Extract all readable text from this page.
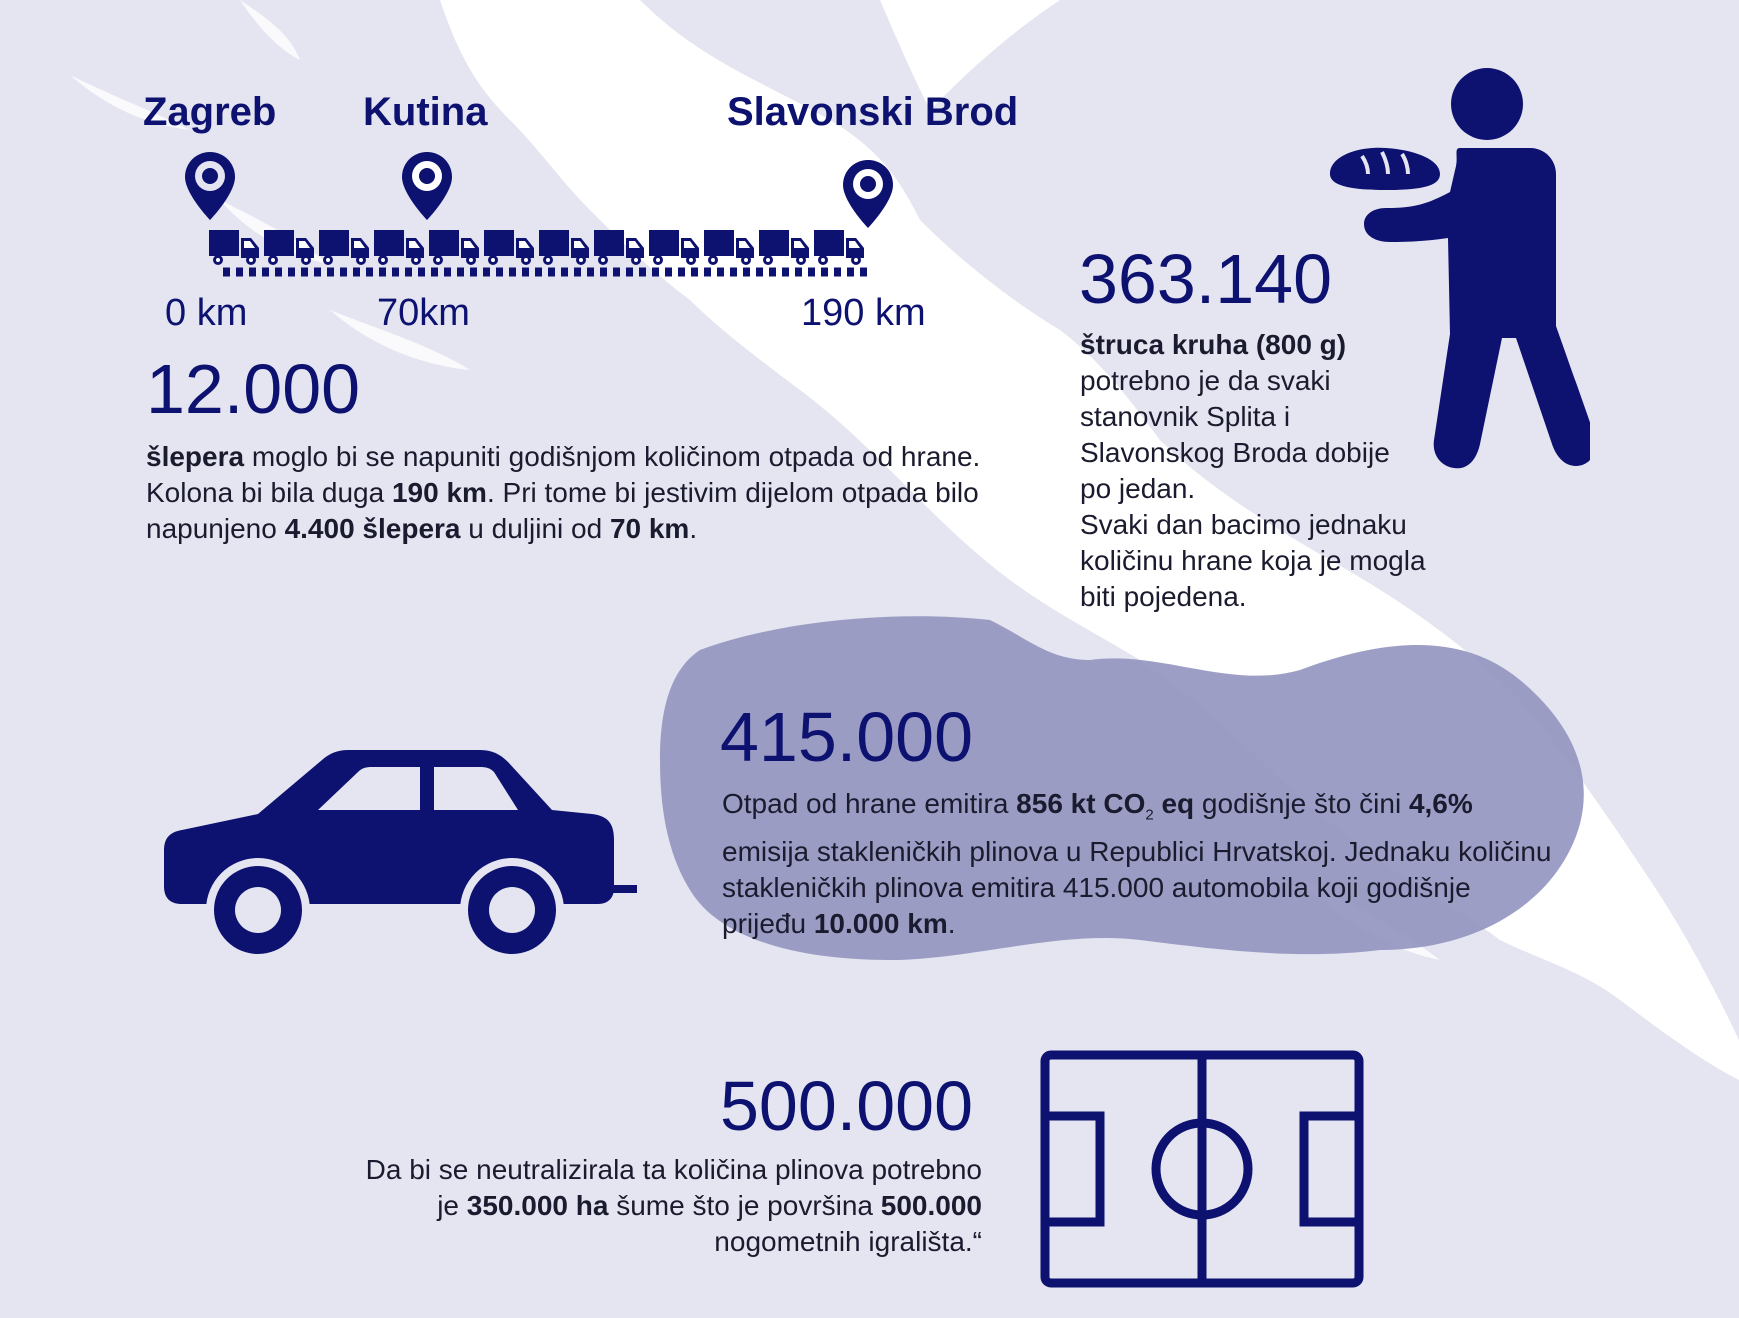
Zagreb Kutina	Slavonski Brod
0 km	70km	190 km
12.000
šlepera moglo bi se napuniti godišnjom količinom otpada od hrane. Kolona bi bila duga 190 km. Pri tome bi jestivim dijelom otpada bilo napunjeno 4.400 šlepera u duljini od 70 km.
363.140
štruca kruha (800 g)
potrebno je da svaki
stanovnik Splita i
Slavonskog Broda dobije
po jedan.
Svaki dan bacimo jednaku
količinu hrane koja je mogla
biti pojedena.
415.000
Otpad od hrane emitira 856 kt $CO_2$ eq godišnje što čini 4,6% emisija stakleničkih plinova u Republici Hrvatskoj. Jednaku količinu stakleničkih plinova emitira 415.000 automobila koji godišnje prijeđu 10.000 km.
500.000
Da bi se neutralizirala ta količina plinova potrebno je 350.000 ha šume što je površina 500.000 nogometnih igrališta.“
